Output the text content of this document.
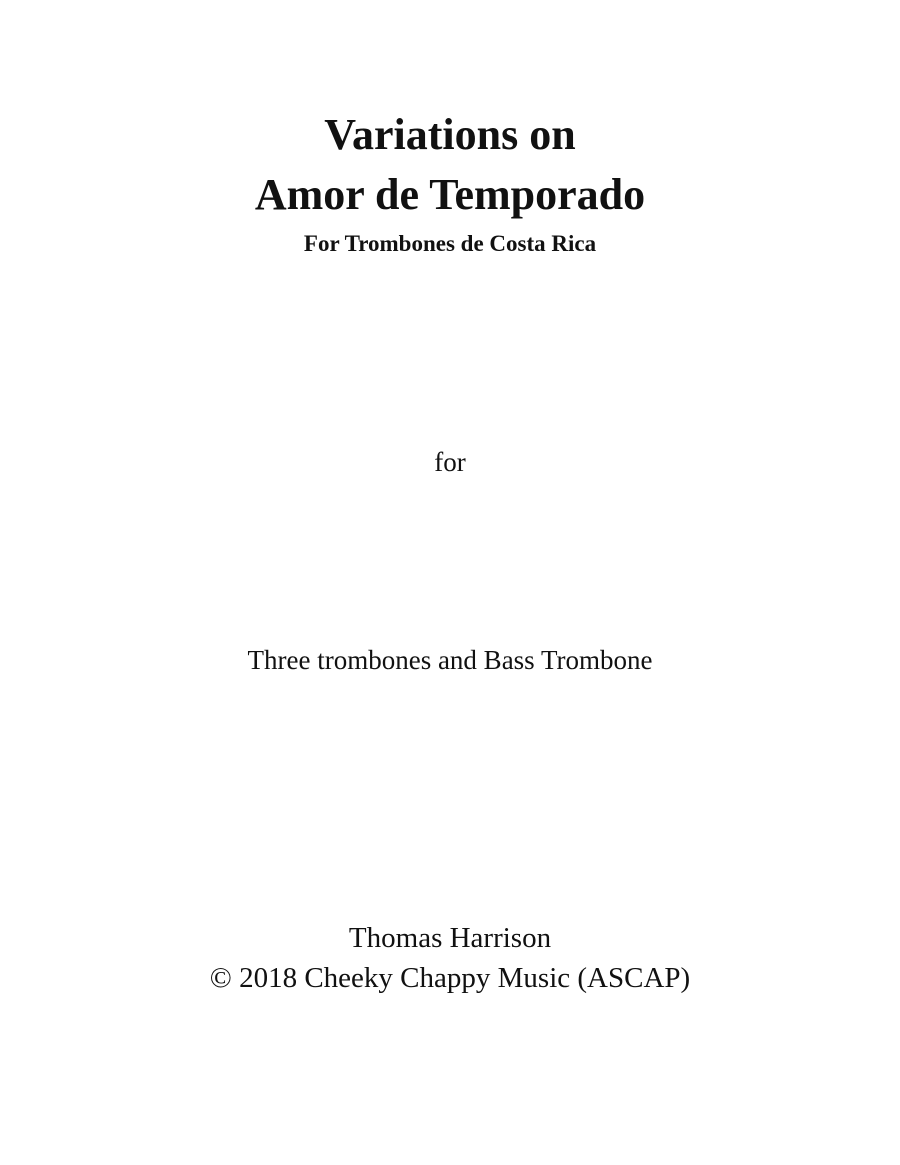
Variations on
Amor de Temporado
For Trombones de Costa Rica
for
Three trombones and Bass Trombone
Thomas Harrison
© 2018 Cheeky Chappy Music (ASCAP)
